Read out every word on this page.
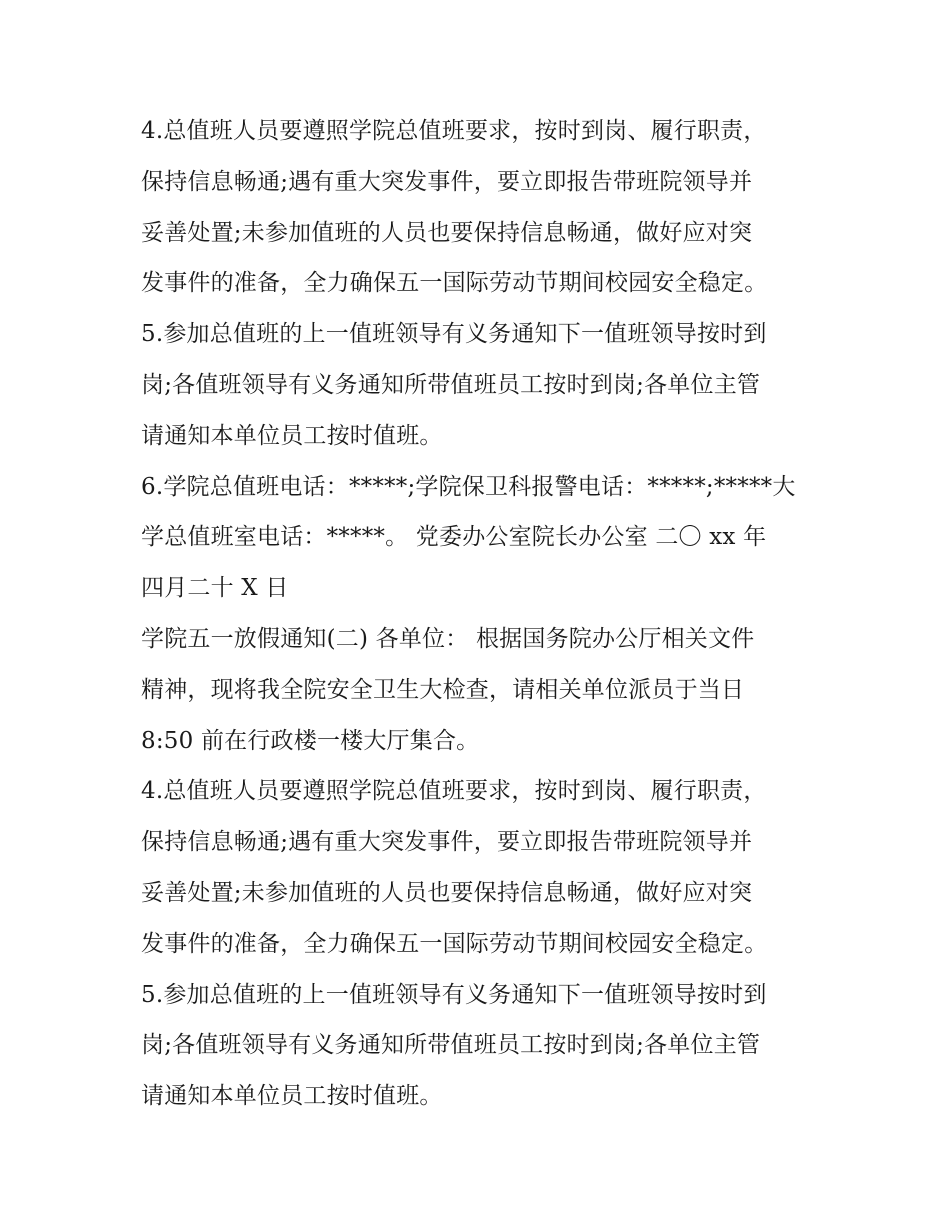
4.总值班人员要遵照学院总值班要求，按时到岗、履行职责，
保持信息畅通;遇有重大突发事件，要立即报告带班院领导并
妥善处置;未参加值班的人员也要保持信息畅通，做好应对突
发事件的准备，全力确保五一国际劳动节期间校园安全稳定。
5.参加总值班的上一值班领导有义务通知下一值班领导按时到
岗;各值班领导有义务通知所带值班员工按时到岗;各单位主管
请通知本单位员工按时值班。
6.学院总值班电话：*****;学院保卫科报警电话：*****;*****大
学总值班室电话：*****。 党委办公室院长办公室 二〇 xx 年
四月二十 X 日
学院五一放假通知(二) 各单位： 根据国务院办公厅相关文件
精神，现将我全院安全卫生大检查，请相关单位派员于当日
8:50 前在行政楼一楼大厅集合。
4.总值班人员要遵照学院总值班要求，按时到岗、履行职责，
保持信息畅通;遇有重大突发事件，要立即报告带班院领导并
妥善处置;未参加值班的人员也要保持信息畅通，做好应对突
发事件的准备，全力确保五一国际劳动节期间校园安全稳定。
5.参加总值班的上一值班领导有义务通知下一值班领导按时到
岗;各值班领导有义务通知所带值班员工按时到岗;各单位主管
请通知本单位员工按时值班。
